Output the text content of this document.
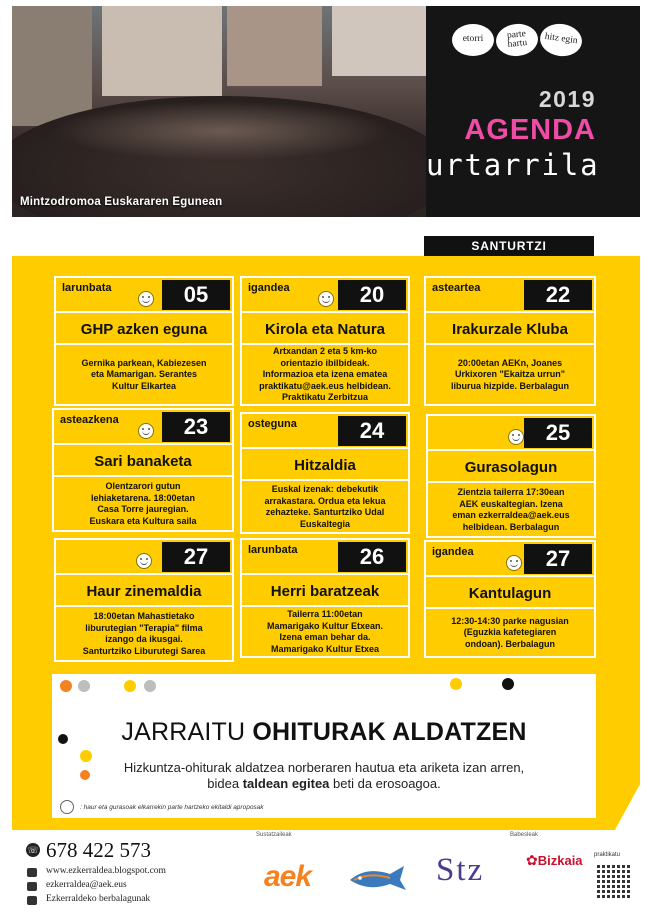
Mintzodromoa Euskararen Egunean
etorri	parte hartu	hitz egin
2019
AGENDA
urtarrila
SANTURTZI
larunbata	05
GHP azken eguna
Gernika parkean, Kabiezesen
eta Mamarigan. Serantes
Kultur Elkartea
igandea	20
Kirola eta Natura
Artxandan 2 eta 5 km-ko
orientazio ibilbideak.
Informazioa eta izena ematea
praktikatu@aek.eus helbidean.
Praktikatu Zerbitzua
asteartea	22
Irakurzale Kluba
20:00etan AEKn, Joanes
Urkixoren "Ekaitza urrun"
liburua hizpide. Berbalagun
asteazkena	23
Sari banaketa
Olentzarori gutun
lehiaketarena. 18:00etan
Casa Torre jauregian.
Euskara eta Kultura saila
osteguna	24
Hitzaldia
Euskal izenak: debekutik
arrakastara. Ordua eta lekua
zehazteke. Santurtziko Udal
Euskaltegia
25
Gurasolagun
Zientzia tailerra 17:30ean
AEK euskaltegian. Izena
eman ezkerraldea@aek.eus
helbidean. Berbalagun
27
Haur zinemaldia
18:00etan Mahastietako
liburutegian "Terapia" filma
izango da ikusgai.
Santurtziko Liburutegi Sarea
larunbata	26
Herri baratzeak
Tailerra 11:00etan
Mamarigako Kultur Etxean.
Izena eman behar da.
Mamarigako Kultur Etxea
igandea	27
Kantulagun
12:30-14:30 parke nagusian
(Eguzkia kafetegiaren
ondoan). Berbalagun
JARRAITU OHITURAK ALDATZEN
Hizkuntza-ohiturak aldatzea norberaren hautua eta ariketa izan arren,
bidea taldean egitea beti da erosoagoa.
: haur eta gurasoak elkarrekin parte hartzeko ekitaldi aproposak
☏ 678 422 573
www.ezkerraldea.blogspot.com
ezkerraldea@aek.eus
Ezkerraldeko berbalagunak
Sustatzaileak	Babesleak
aek	Stz	✿Bizkaia praktikatu
